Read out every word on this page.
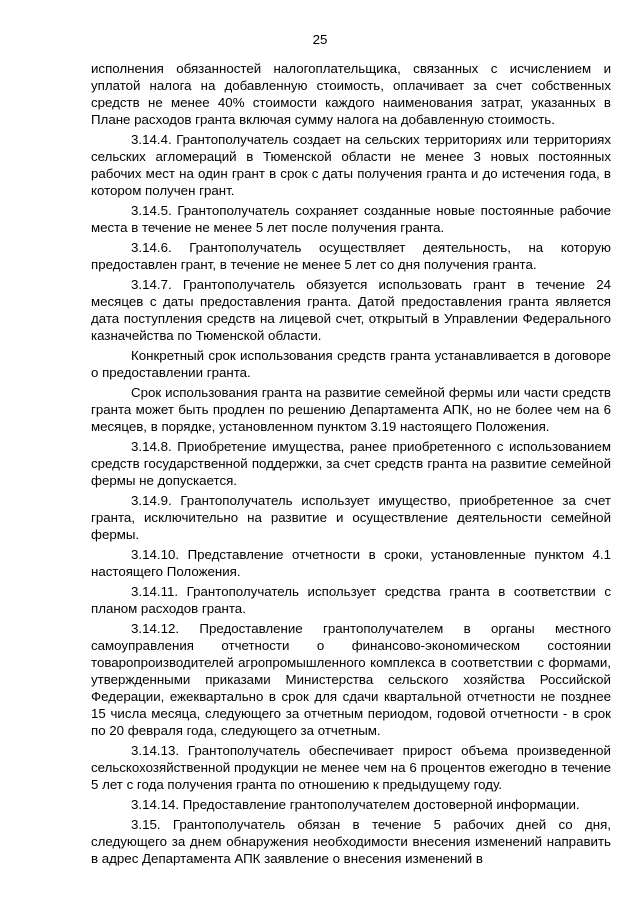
25

исполнения обязанностей налогоплательщика, связанных с исчислением и уплатой налога на добавленную стоимость, оплачивает за счет собственных средств не менее 40% стоимости каждого наименования затрат, указанных в Плане расходов гранта включая сумму налога на добавленную стоимость.

3.14.4. Грантополучатель создает на сельских территориях или территориях сельских агломераций в Тюменской области не менее 3 новых постоянных рабочих мест на один грант в срок с даты получения гранта и до истечения года, в котором получен грант.

3.14.5. Грантополучатель сохраняет созданные новые постоянные рабочие места в течение не менее 5 лет после получения гранта.

3.14.6. Грантополучатель осуществляет деятельность, на которую предоставлен грант, в течение не менее 5 лет со дня получения гранта.

3.14.7. Грантополучатель обязуется использовать грант в течение 24 месяцев с даты предоставления гранта. Датой предоставления гранта является дата поступления средств на лицевой счет, открытый в Управлении Федерального казначейства по Тюменской области.

Конкретный срок использования средств гранта устанавливается в договоре о предоставлении гранта.

Срок использования гранта на развитие семейной фермы или части средств гранта может быть продлен по решению Департамента АПК, но не более чем на 6 месяцев, в порядке, установленном пунктом 3.19 настоящего Положения.

3.14.8. Приобретение имущества, ранее приобретенного с использованием средств государственной поддержки, за счет средств гранта на развитие семейной фермы не допускается.

3.14.9. Грантополучатель использует имущество, приобретенное за счет гранта, исключительно на развитие и осуществление деятельности семейной фермы.

3.14.10. Представление отчетности в сроки, установленные пунктом 4.1 настоящего Положения.

3.14.11. Грантополучатель использует средства гранта в соответствии с планом расходов гранта.

3.14.12. Предоставление грантополучателем в органы местного самоуправления отчетности о финансово-экономическом состоянии товаропроизводителей агропромышленного комплекса в соответствии с формами, утвержденными приказами Министерства сельского хозяйства Российской Федерации, ежеквартально в срок для сдачи квартальной отчетности не позднее 15 числа месяца, следующего за отчетным периодом, годовой отчетности - в срок по 20 февраля года, следующего за отчетным.

3.14.13. Грантополучатель обеспечивает прирост объема произведенной сельскохозяйственной продукции не менее чем на 6 процентов ежегодно в течение 5 лет с года получения гранта по отношению к предыдущему году.

3.14.14. Предоставление грантополучателем достоверной информации.

3.15. Грантополучатель обязан в течение 5 рабочих дней со дня, следующего за днем обнаружения необходимости внесения изменений направить в адрес Департамента АПК заявление о внесения изменений в
